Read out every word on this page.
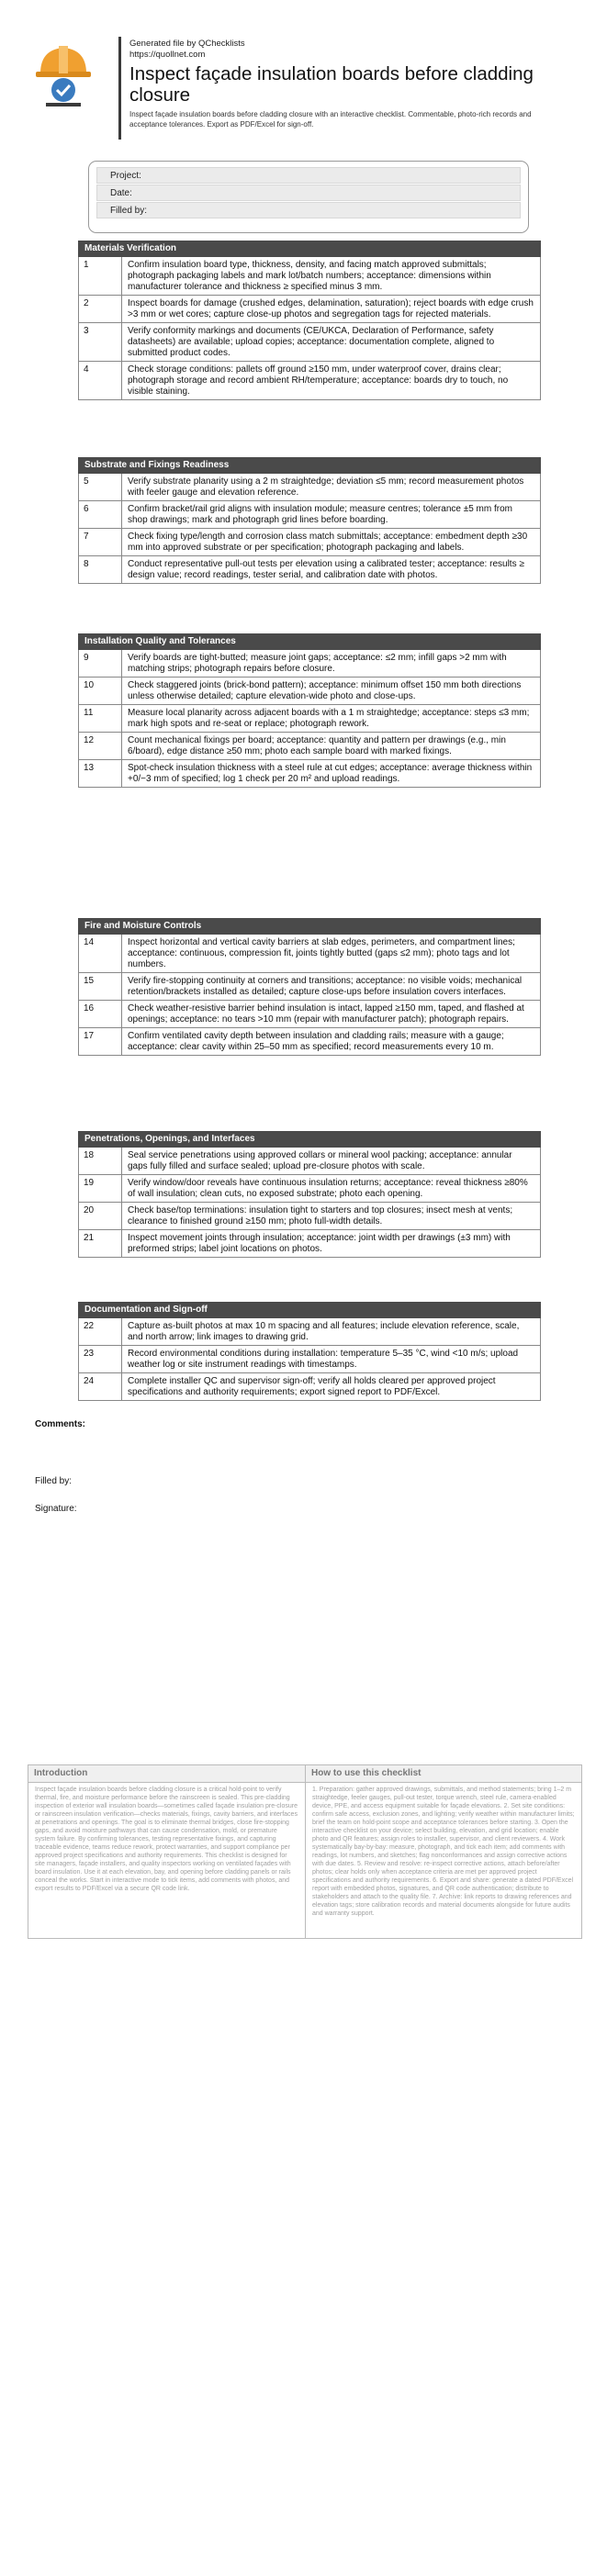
Generated file by QChecklists
https://quollnet.com
Inspect façade insulation boards before cladding closure
Inspect façade insulation boards before cladding closure with an interactive checklist. Commentable, photo-rich records and acceptance tolerances. Export as PDF/Excel for sign-off.
Project:
Date:
Filled by:
Materials Verification
1	Confirm insulation board type, thickness, density, and facing match approved submittals; photograph packaging labels and mark lot/batch numbers; acceptance: dimensions within manufacturer tolerance and thickness ≥ specified minus 3 mm.
2	Inspect boards for damage (crushed edges, delamination, saturation); reject boards with edge crush >3 mm or wet cores; capture close-up photos and segregation tags for rejected materials.
3	Verify conformity markings and documents (CE/UKCA, Declaration of Performance, safety datasheets) are available; upload copies; acceptance: documentation complete, aligned to submitted product codes.
4	Check storage conditions: pallets off ground ≥150 mm, under waterproof cover, drains clear; photograph storage and record ambient RH/temperature; acceptance: boards dry to touch, no visible staining.
Substrate and Fixings Readiness
5	Verify substrate planarity using a 2 m straightedge; deviation ≤5 mm; record measurement photos with feeler gauge and elevation reference.
6	Confirm bracket/rail grid aligns with insulation module; measure centres; tolerance ±5 mm from shop drawings; mark and photograph grid lines before boarding.
7	Check fixing type/length and corrosion class match submittals; acceptance: embedment depth ≥30 mm into approved substrate or per specification; photograph packaging and labels.
8	Conduct representative pull-out tests per elevation using a calibrated tester; acceptance: results ≥ design value; record readings, tester serial, and calibration date with photos.
Installation Quality and Tolerances
9	Verify boards are tight-butted; measure joint gaps; acceptance: ≤2 mm; infill gaps >2 mm with matching strips; photograph repairs before closure.
10	Check staggered joints (brick-bond pattern); acceptance: minimum offset 150 mm both directions unless otherwise detailed; capture elevation-wide photo and close-ups.
11	Measure local planarity across adjacent boards with a 1 m straightedge; acceptance: steps ≤3 mm; mark high spots and re-seat or replace; photograph rework.
12	Count mechanical fixings per board; acceptance: quantity and pattern per drawings (e.g., min 6/board), edge distance ≥50 mm; photo each sample board with marked fixings.
13	Spot-check insulation thickness with a steel rule at cut edges; acceptance: average thickness within +0/−3 mm of specified; log 1 check per 20 m² and upload readings.
Fire and Moisture Controls
14	Inspect horizontal and vertical cavity barriers at slab edges, perimeters, and compartment lines; acceptance: continuous, compression fit, joints tightly butted (gaps ≤2 mm); photo tags and lot numbers.
15	Verify fire-stopping continuity at corners and transitions; acceptance: no visible voids; mechanical retention/brackets installed as detailed; capture close-ups before insulation covers interfaces.
16	Check weather-resistive barrier behind insulation is intact, lapped ≥150 mm, taped, and flashed at openings; acceptance: no tears >10 mm (repair with manufacturer patch); photograph repairs.
17	Confirm ventilated cavity depth between insulation and cladding rails; measure with a gauge; acceptance: clear cavity within 25–50 mm as specified; record measurements every 10 m.
Penetrations, Openings, and Interfaces
18	Seal service penetrations using approved collars or mineral wool packing; acceptance: annular gaps fully filled and surface sealed; upload pre-closure photos with scale.
19	Verify window/door reveals have continuous insulation returns; acceptance: reveal thickness ≥80% of wall insulation; clean cuts, no exposed substrate; photo each opening.
20	Check base/top terminations: insulation tight to starters and top closures; insect mesh at vents; clearance to finished ground ≥150 mm; photo full-width details.
21	Inspect movement joints through insulation; acceptance: joint width per drawings (±3 mm) with preformed strips; label joint locations on photos.
Documentation and Sign-off
22	Capture as-built photos at max 10 m spacing and all features; include elevation reference, scale, and north arrow; link images to drawing grid.
23	Record environmental conditions during installation: temperature 5–35 °C, wind <10 m/s; upload weather log or site instrument readings with timestamps.
24	Complete installer QC and supervisor sign-off; verify all holds cleared per approved project specifications and authority requirements; export signed report to PDF/Excel.
Comments:
Filled by:
Signature:
Introduction
Inspect façade insulation boards before cladding closure is a critical hold-point to verify thermal, fire, and moisture performance before the rainscreen is sealed. This pre-cladding inspection of exterior wall insulation boards—sometimes called façade insulation pre-closure or rainscreen insulation verification—checks materials, fixings, cavity barriers, and interfaces at penetrations and openings. The goal is to eliminate thermal bridges, close fire-stopping gaps, and avoid moisture pathways that can cause condensation, mold, or premature system failure. By confirming tolerances, testing representative fixings, and capturing traceable evidence, teams reduce rework, protect warranties, and support compliance per approved project specifications and authority requirements. This checklist is designed for site managers, façade installers, and quality inspectors working on ventilated façades with board insulation. Use it at each elevation, bay, and opening before cladding panels or rails conceal the works. Start in interactive mode to tick items, add comments with photos, and export results to PDF/Excel via a secure QR code link.
How to use this checklist
1. Preparation: gather approved drawings, submittals, and method statements; bring 1–2 m straightedge, feeler gauges, pull-out tester, torque wrench, steel rule, camera-enabled device, PPE, and access equipment suitable for façade elevations. 2. Set site conditions: confirm safe access, exclusion zones, and lighting; verify weather within manufacturer limits; brief the team on hold-point scope and acceptance tolerances before starting. 3. Open the interactive checklist on your device; select building, elevation, and grid location; enable photo and QR features; assign roles to installer, supervisor, and client reviewers. 4. Work systematically bay-by-bay: measure, photograph, and tick each item; add comments with readings, lot numbers, and sketches; flag nonconformances and assign corrective actions with due dates. 5. Review and resolve: re-inspect corrective actions, attach before/after photos; clear holds only when acceptance criteria are met per approved project specifications and authority requirements. 6. Export and share: generate a dated PDF/Excel report with embedded photos, signatures, and QR code authentication; distribute to stakeholders and attach to the quality file. 7. Archive: link reports to drawing references and elevation tags; store calibration records and material documents alongside for future audits and warranty support.
